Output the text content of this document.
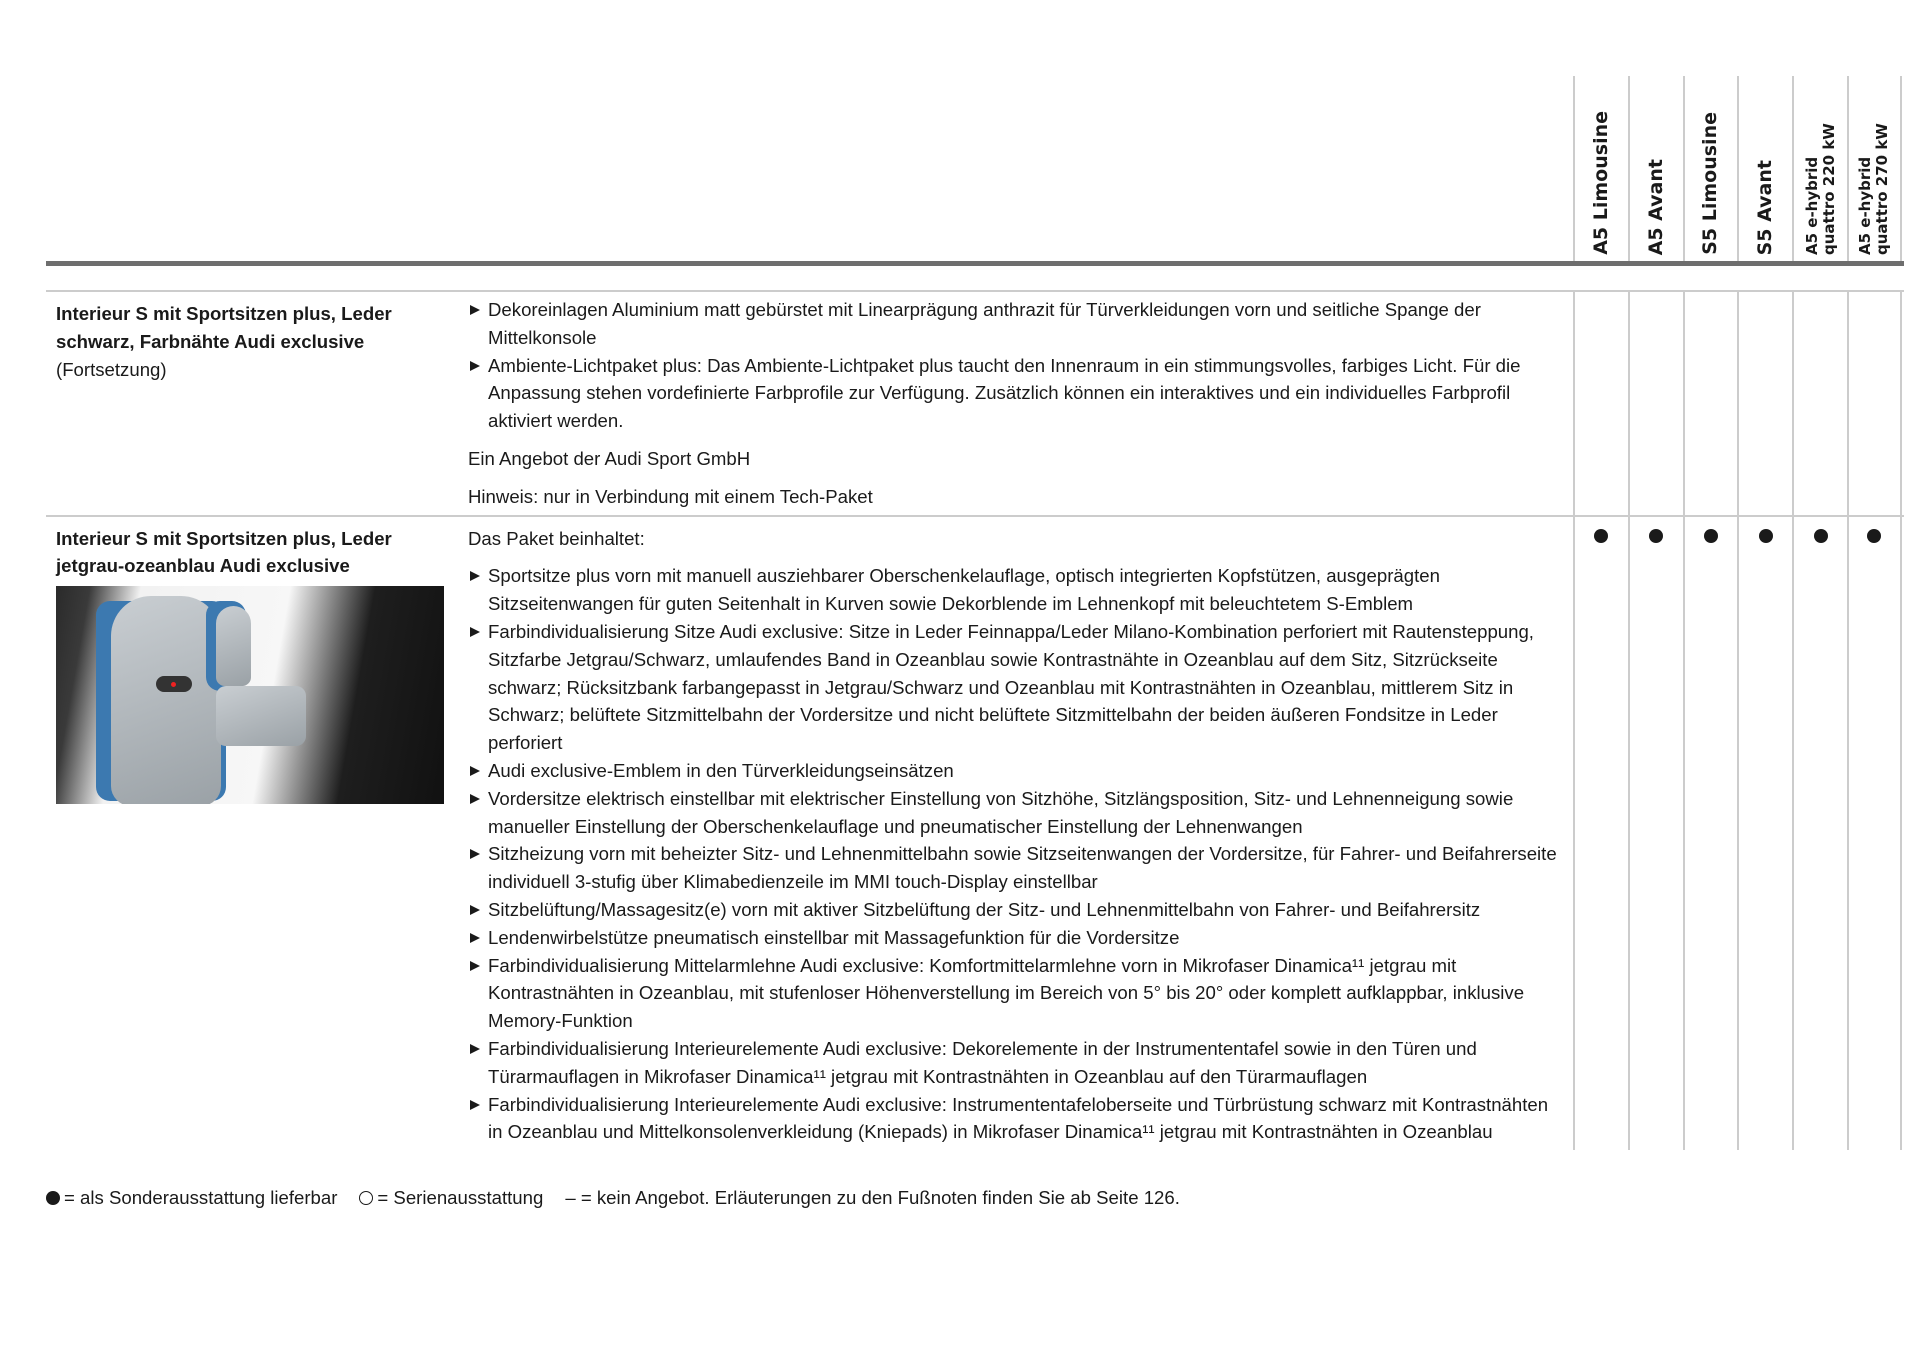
A5 Limousine A5 Avant S5 Limousine S5 Avant A5 e-hybrid quattro 220 kW A5 e-hybrid quattro 270 kW
Interieur S mit Sportsitzen plus, Leder schwarz, Farbnähte Audi exclusive
(Fortsetzung)
Dekoreinlagen Aluminium matt gebürstet mit Linearprägung anthrazit für Türverkleidungen vorn und seitliche Spange der Mittelkonsole
Ambiente-Lichtpaket plus: Das Ambiente-Lichtpaket plus taucht den Innenraum in ein stimmungsvolles, farbiges Licht. Für die Anpassung stehen vordefinierte Farbprofile zur Verfügung. Zusätzlich können ein interaktives und ein individuelles Farbprofil aktiviert werden.

Ein Angebot der Audi Sport GmbH

Hinweis: nur in Verbindung mit einem Tech-Paket

Interieur S mit Sportsitzen plus, Leder jetgrau-ozeanblau Audi exclusive

Das Paket beinhaltet:

Sportsitze plus vorn mit manuell ausziehbarer Oberschenkelauflage, optisch integrierten Kopfstützen, ausgeprägten Sitzseitenwangen für guten Seitenhalt in Kurven sowie Dekorblende im Lehnenkopf mit beleuchtetem S-Emblem
Farbindividualisierung Sitze Audi exclusive: Sitze in Leder Feinnappa/Leder Milano-Kombination perforiert mit Rautensteppung, Sitzfarbe Jetgrau/Schwarz, umlaufendes Band in Ozeanblau sowie Kontrastnähte in Ozeanblau auf dem Sitz, Sitzrückseite schwarz; Rücksitzbank farbangepasst in Jetgrau/Schwarz und Ozeanblau mit Kontrastnähten in Ozeanblau, mittlerem Sitz in Schwarz; belüftete Sitzmittelbahn der Vordersitze und nicht belüftete Sitzmittelbahn der beiden äußeren Fondsitze in Leder perforiert
Audi exclusive-Emblem in den Türverkleidungseinsätzen
Vordersitze elektrisch einstellbar mit elektrischer Einstellung von Sitzhöhe, Sitzlängsposition, Sitz- und Lehnenneigung sowie manueller Einstellung der Oberschenkelauflage und pneumatischer Einstellung der Lehnenwangen
Sitzheizung vorn mit beheizter Sitz- und Lehnenmittelbahn sowie Sitzseitenwangen der Vordersitze, für Fahrer- und Beifahrerseite individuell 3-stufig über Klimabedienzeile im MMI touch-Display einstellbar
Sitzbelüftung/Massagesitz(e) vorn mit aktiver Sitzbelüftung der Sitz- und Lehnenmittelbahn von Fahrer- und Beifahrersitz
Lendenwirbelstütze pneumatisch einstellbar mit Massagefunktion für die Vordersitze
Farbindividualisierung Mittelarmlehne Audi exclusive: Komfortmittelarmlehne vorn in Mikrofaser Dinamica¹¹ jetgrau mit Kontrastnähten in Ozeanblau, mit stufenloser Höhenverstellung im Bereich von 5° bis 20° oder komplett aufklappbar, inklusive Memory-Funktion
Farbindividualisierung Interieurelemente Audi exclusive: Dekorelemente in der Instrumententafel sowie in den Türen und Türarmauflagen in Mikrofaser Dinamica¹¹ jetgrau mit Kontrastnähten in Ozeanblau auf den Türarmauflagen
Farbindividualisierung Interieurelemente Audi exclusive: Instrumententafeloberseite und Türbrüstung schwarz mit Kontrastnähten in Ozeanblau und Mittelkonsolenverkleidung (Kniepads) in Mikrofaser Dinamica¹¹ jetgrau mit Kontrastnähten in Ozeanblau
= als Sonderausstattung lieferbar	= Serienausstattung – = kein Angebot. Erläuterungen zu den Fußnoten finden Sie ab Seite 126.
